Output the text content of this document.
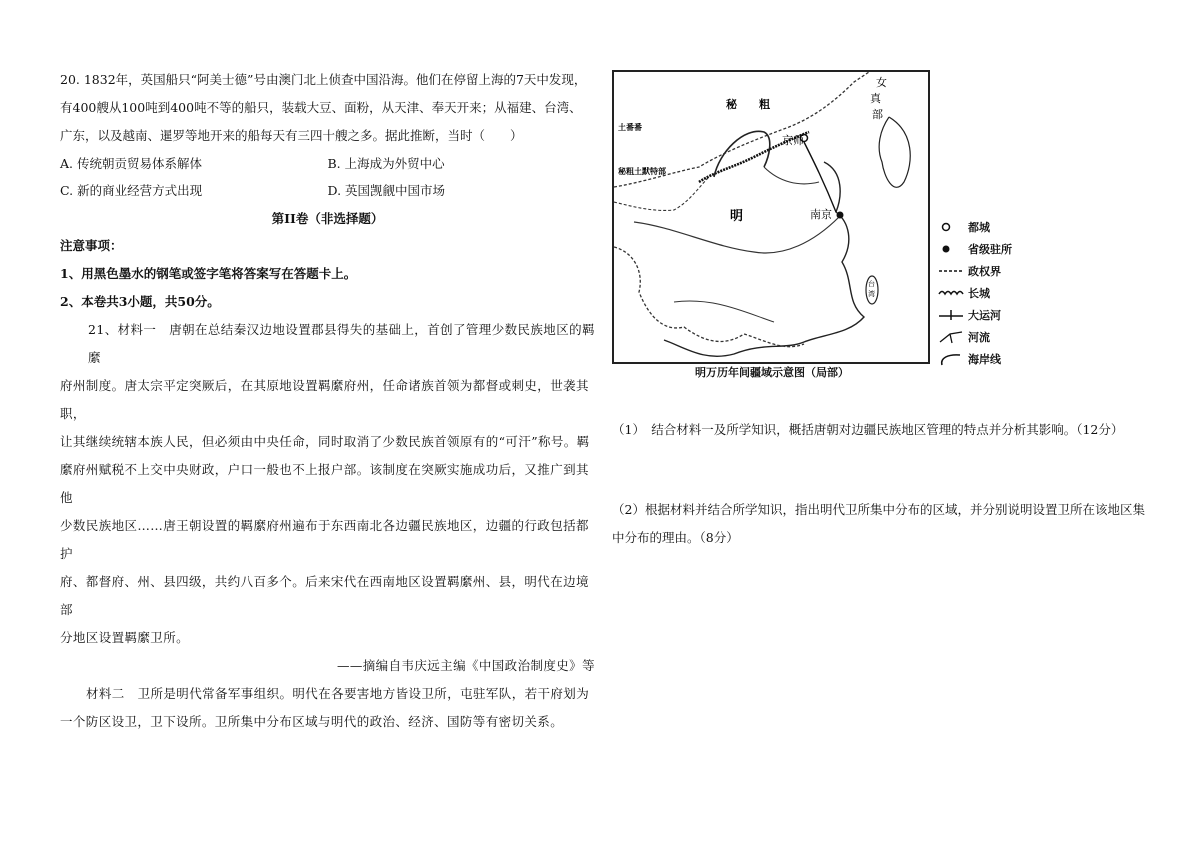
20. 1832年，英国船只“阿美士德”号由澳门北上侦查中国沿海。他们在停留上海的7天中发现，

有400艘从100吨到400吨不等的船只，装载大豆、面粉，从天津、奉天开来；从福建、台湾、

广东，以及越南、暹罗等地开来的船每天有三四十艘之多。据此推断，当时（　　）

A. 传统朝贡贸易体系解体	B. 上海成为外贸中心
C. 新的商业经营方式出现	D. 英国觊觎中国市场
第II卷（非选择题）

注意事项：

1、用黑色墨水的钢笔或签字笔将答案写在答题卡上。

2、本卷共3小题，共50分。

21、材料一　唐朝在总结秦汉边地设置郡县得失的基础上，首创了管理少数民族地区的羁縻

府州制度。唐太宗平定突厥后，在其原地设置羁縻府州，任命诸族首领为都督或刺史，世袭其职，

让其继续统辖本族人民，但必须由中央任命，同时取消了少数民族首领原有的“可汗”称号。羁

縻府州赋税不上交中央财政，户口一般也不上报户部。该制度在突厥实施成功后，又推广到其他

少数民族地区……唐王朝设置的羁縻府州遍布于东西南北各边疆民族地区，边疆的行政包括都护

府、都督府、州、县四级，共约八百多个。后来宋代在西南地区设置羁縻州、县，明代在边境部

分地区设置羁縻卫所。

——摘编自韦庆远主编《中国政治制度史》等

材料二　卫所是明代常备军事组织。明代在各要害地方皆设卫所，屯驻军队，若干府划为

一个防区设卫，卫下设所。卫所集中分布区域与明代的政治、经济、国防等有密切关系。

秘　　粗
女
真
部
土番番
秘粗土默特部
京师
明	南京
台
湾
明万历年间疆域示意图（局部）
都城
省级驻所
政权界
长城
大运河
河流
海岸线
（1）　结合材料一及所学知识，概括唐朝对边疆民族地区管理的特点并分析其影响。（12分）
（2）根据材料并结合所学知识，指出明代卫所集中分布的区域，并分别说明设置卫所在该地区集
中分布的理由。（8分）
